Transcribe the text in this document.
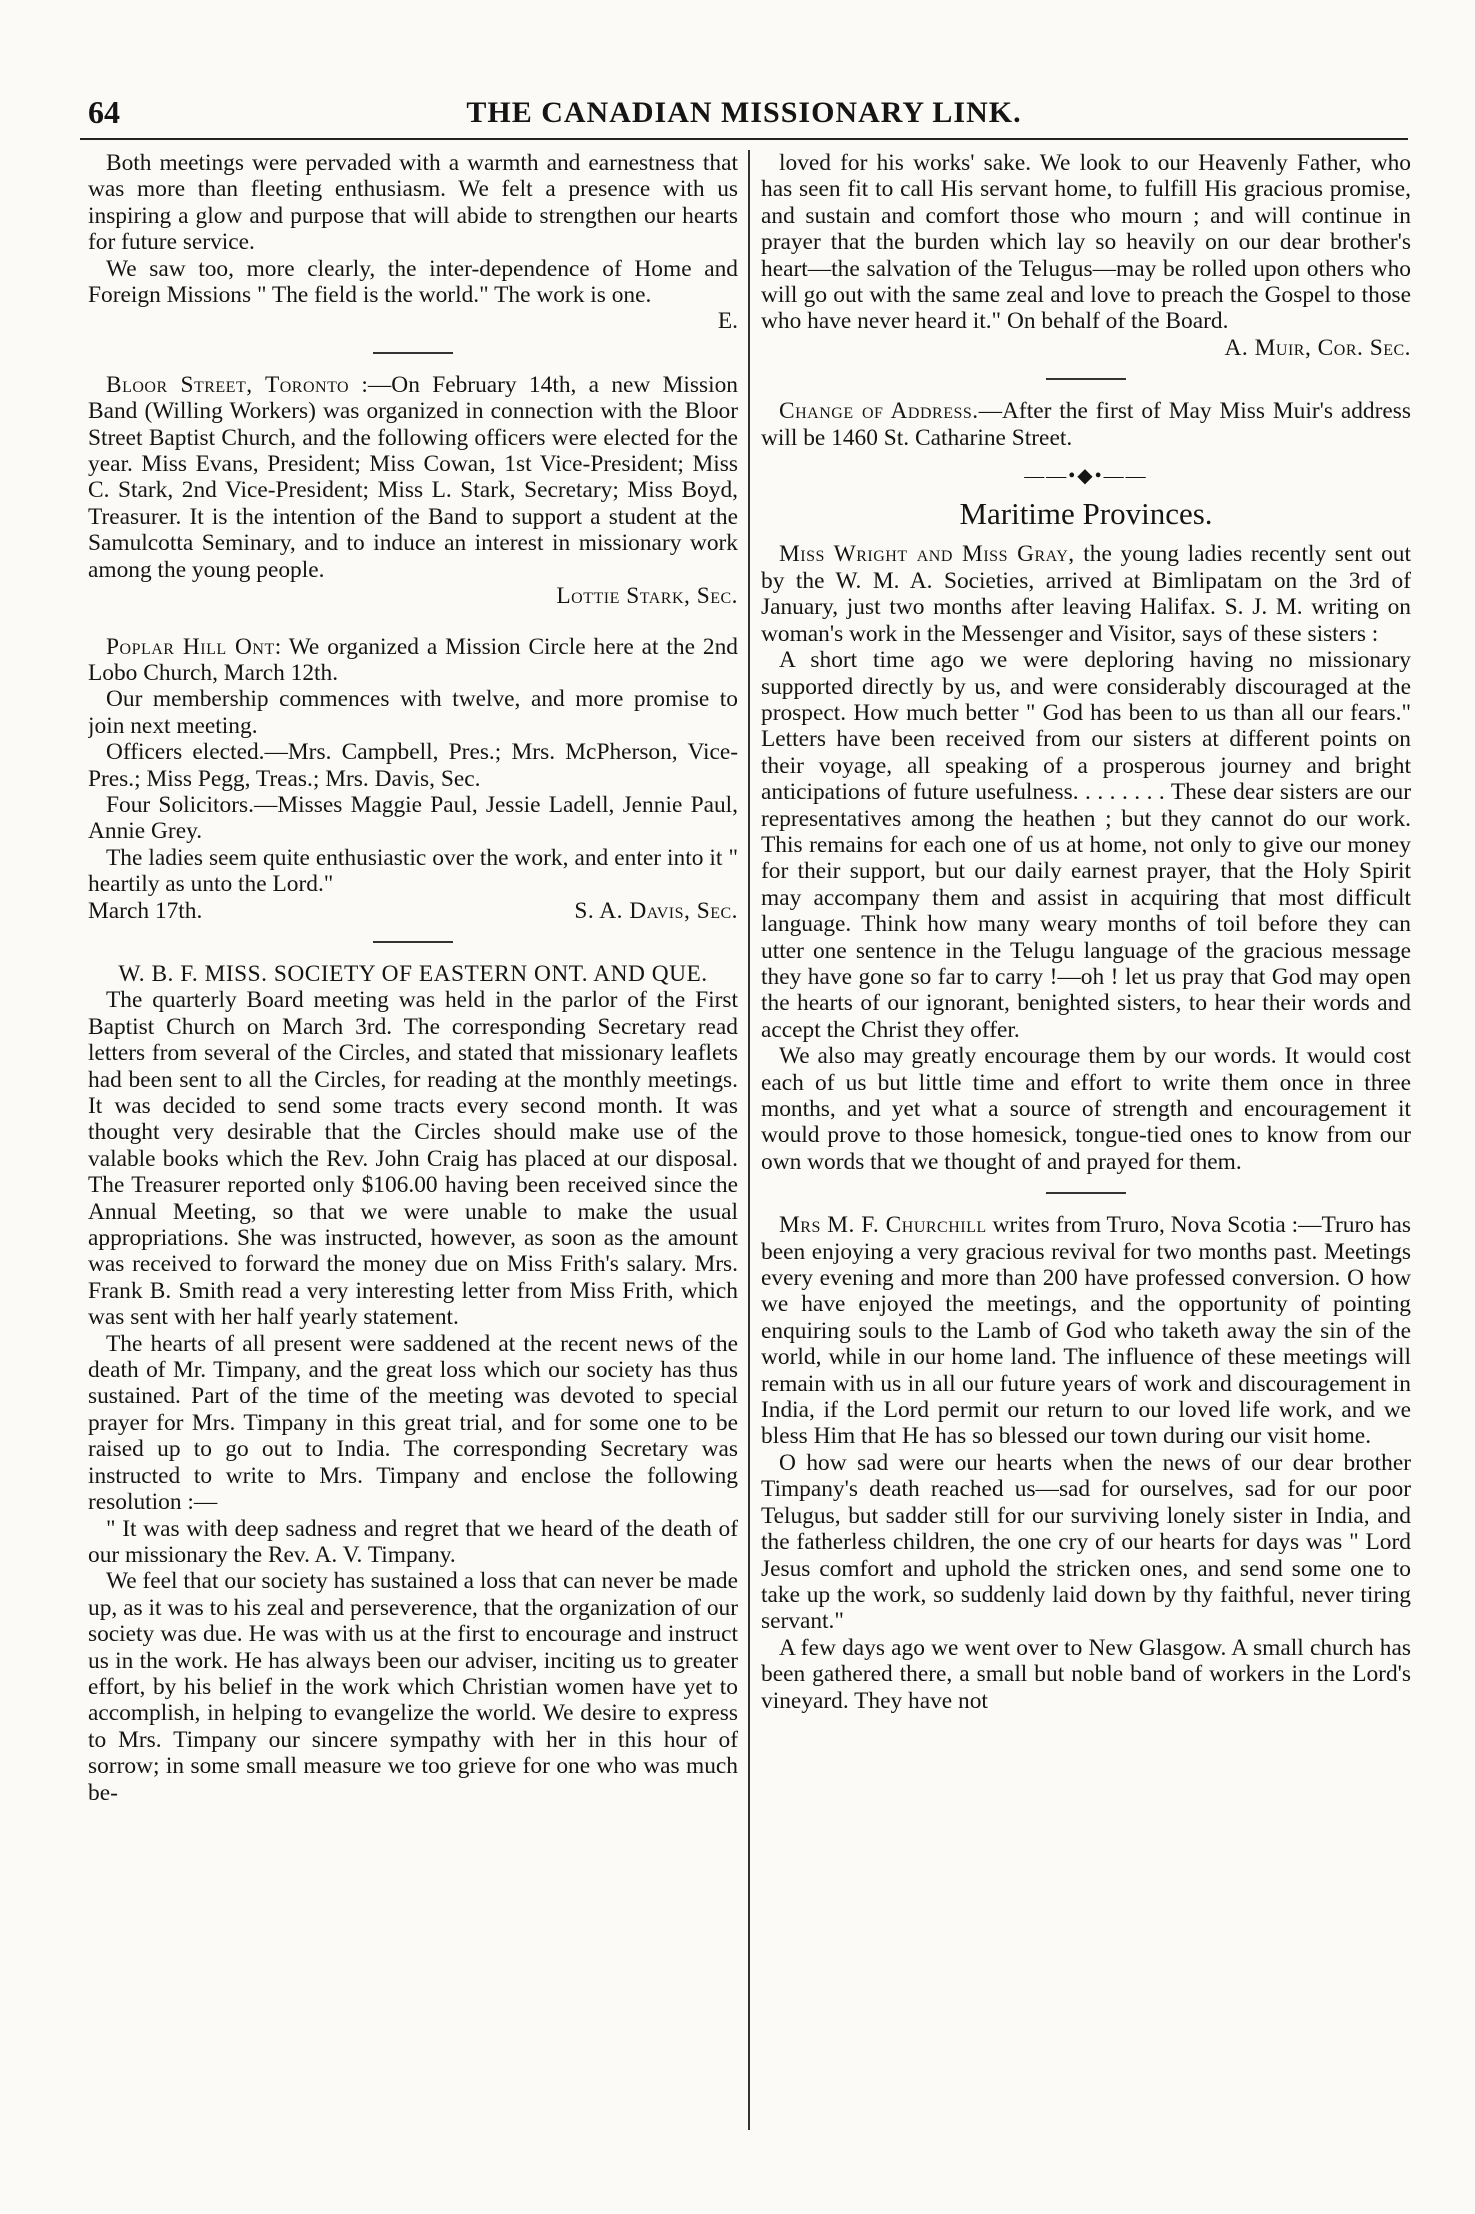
64	THE CANADIAN MISSIONARY LINK.

Both meetings were pervaded with a warmth and earnestness that was more than fleeting enthusiasm. We felt a presence with us inspiring a glow and purpose that will abide to strengthen our hearts for future service.

We saw too, more clearly, the inter-dependence of Home and Foreign Missions " The field is the world." The work is one.

E.

Bloor Street, Toronto :—On February 14th, a new Mission Band (Willing Workers) was organized in connection with the Bloor Street Baptist Church, and the following officers were elected for the year. Miss Evans, President; Miss Cowan, 1st Vice-President; Miss C. Stark, 2nd Vice-President; Miss L. Stark, Secretary; Miss Boyd, Treasurer. It is the intention of the Band to support a student at the Samulcotta Seminary, and to induce an interest in missionary work among the young people.

Lottie Stark, Sec.

Poplar Hill Ont: We organized a Mission Circle here at the 2nd Lobo Church, March 12th.

Our membership commences with twelve, and more promise to join next meeting.

Officers elected.—Mrs. Campbell, Pres.; Mrs. McPherson, Vice-Pres.; Miss Pegg, Treas.; Mrs. Davis, Sec.

Four Solicitors.—Misses Maggie Paul, Jessie Ladell, Jennie Paul, Annie Grey.

The ladies seem quite enthusiastic over the work, and enter into it " heartily as unto the Lord."

March 17th.	S. A. Davis, Sec.
W. B. F. MISS. SOCIETY OF EASTERN ONT. AND QUE.

The quarterly Board meeting was held in the parlor of the First Baptist Church on March 3rd. The corresponding Secretary read letters from several of the Circles, and stated that missionary leaflets had been sent to all the Circles, for reading at the monthly meetings. It was decided to send some tracts every second month. It was thought very desirable that the Circles should make use of the valable books which the Rev. John Craig has placed at our disposal. The Treasurer reported only $106.00 having been received since the Annual Meeting, so that we were unable to make the usual appropriations. She was instructed, however, as soon as the amount was received to forward the money due on Miss Frith's salary. Mrs. Frank B. Smith read a very interesting letter from Miss Frith, which was sent with her half yearly statement.

The hearts of all present were saddened at the recent news of the death of Mr. Timpany, and the great loss which our society has thus sustained. Part of the time of the meeting was devoted to special prayer for Mrs. Timpany in this great trial, and for some one to be raised up to go out to India. The corresponding Secretary was instructed to write to Mrs. Timpany and enclose the following resolution :—

" It was with deep sadness and regret that we heard of the death of our missionary the Rev. A. V. Timpany.

We feel that our society has sustained a loss that can never be made up, as it was to his zeal and perseverence, that the organization of our society was due. He was with us at the first to encourage and instruct us in the work. He has always been our adviser, inciting us to greater effort, by his belief in the work which Christian women have yet to accomplish, in helping to evangelize the world. We desire to express to Mrs. Timpany our sincere sympathy with her in this hour of sorrow; in some small measure we too grieve for one who was much be-

loved for his works' sake. We look to our Heavenly Father, who has seen fit to call His servant home, to fulfill His gracious promise, and sustain and comfort those who mourn ; and will continue in prayer that the burden which lay so heavily on our dear brother's heart—the salvation of the Telugus—may be rolled upon others who will go out with the same zeal and love to preach the Gospel to those who have never heard it." On behalf of the Board.

A. Muir, Cor. Sec.

Change of Address.—After the first of May Miss Muir's address will be 1460 St. Catharine Street.

——•◆•——
Maritime Provinces.

Miss Wright and Miss Gray, the young ladies recently sent out by the W. M. A. Societies, arrived at Bimlipatam on the 3rd of January, just two months after leaving Halifax. S. J. M. writing on woman's work in the Messenger and Visitor, says of these sisters :

A short time ago we were deploring having no missionary supported directly by us, and were considerably discouraged at the prospect. How much better " God has been to us than all our fears." Letters have been received from our sisters at different points on their voyage, all speaking of a prosperous journey and bright anticipations of future usefulness. . . . . . . . These dear sisters are our representatives among the heathen ; but they cannot do our work. This remains for each one of us at home, not only to give our money for their support, but our daily earnest prayer, that the Holy Spirit may accompany them and assist in acquiring that most difficult language. Think how many weary months of toil before they can utter one sentence in the Telugu language of the gracious message they have gone so far to carry !—oh ! let us pray that God may open the hearts of our ignorant, benighted sisters, to hear their words and accept the Christ they offer.

We also may greatly encourage them by our words. It would cost each of us but little time and effort to write them once in three months, and yet what a source of strength and encouragement it would prove to those homesick, tongue-tied ones to know from our own words that we thought of and prayed for them.

Mrs M. F. Churchill writes from Truro, Nova Scotia :—Truro has been enjoying a very gracious revival for two months past. Meetings every evening and more than 200 have professed conversion. O how we have enjoyed the meetings, and the opportunity of pointing enquiring souls to the Lamb of God who taketh away the sin of the world, while in our home land. The influence of these meetings will remain with us in all our future years of work and discouragement in India, if the Lord permit our return to our loved life work, and we bless Him that He has so blessed our town during our visit home.

O how sad were our hearts when the news of our dear brother Timpany's death reached us—sad for ourselves, sad for our poor Telugus, but sadder still for our surviving lonely sister in India, and the fatherless children, the one cry of our hearts for days was " Lord Jesus comfort and uphold the stricken ones, and send some one to take up the work, so suddenly laid down by thy faithful, never tiring servant."

A few days ago we went over to New Glasgow. A small church has been gathered there, a small but noble band of workers in the Lord's vineyard. They have not
